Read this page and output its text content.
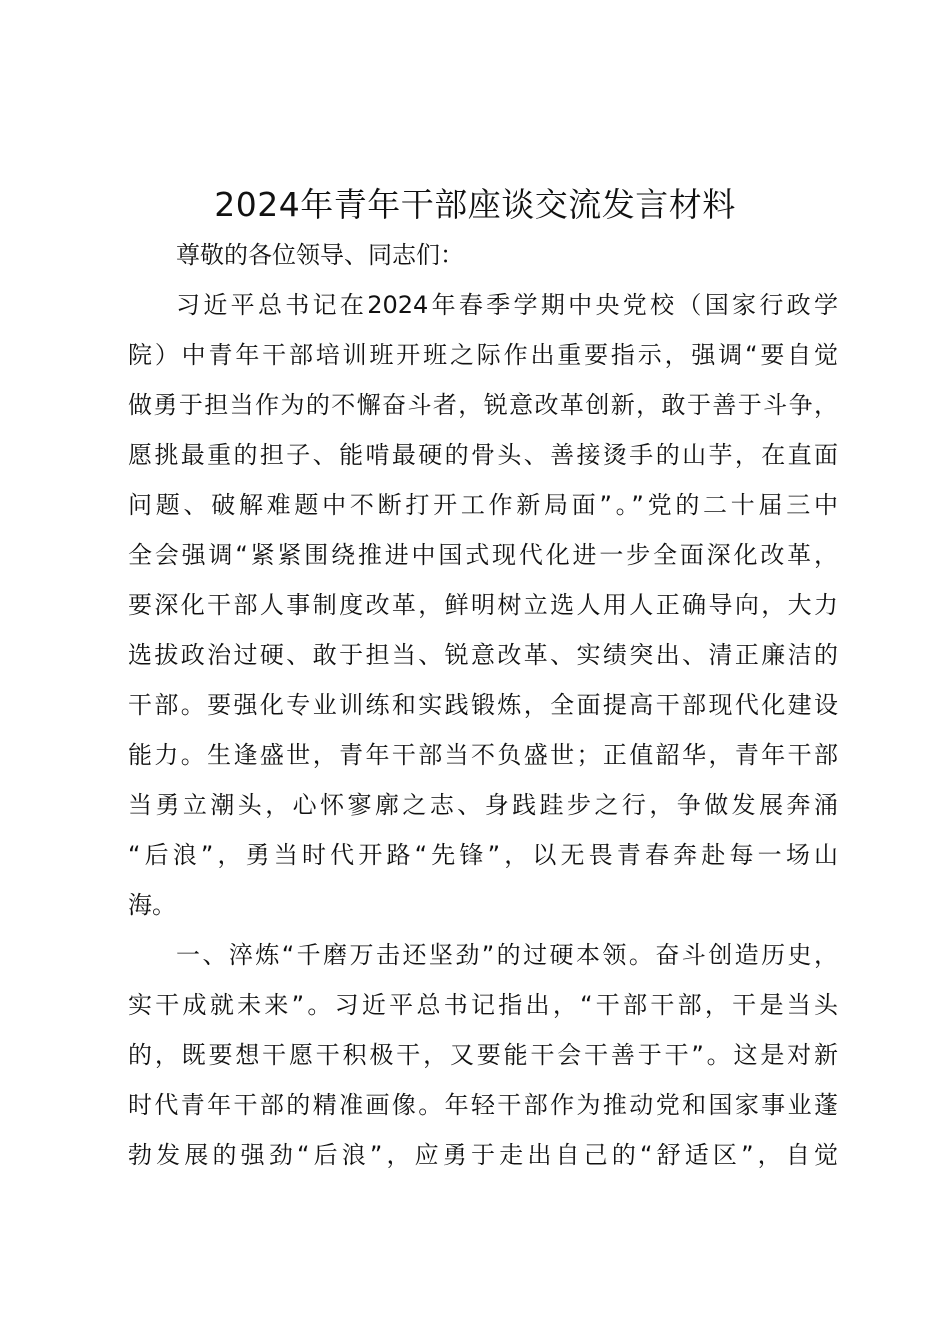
2024年青年干部座谈交流发言材料
尊敬的各位领导、同志们：
习近平总书记在2024年春季学期中央党校（国家行政学
院）中青年干部培训班开班之际作出重要指示，强调“要自觉
做勇于担当作为的不懈奋斗者，锐意改革创新，敢于善于斗争，
愿挑最重的担子、能啃最硬的骨头、善接烫手的山芋，在直面
问题、破解难题中不断打开工作新局面”。”党的二十届三中
全会强调“紧紧围绕推进中国式现代化进一步全面深化改革，
要深化干部人事制度改革，鲜明树立选人用人正确导向，大力
选拔政治过硬、敢于担当、锐意改革、实绩突出、清正廉洁的
干部。要强化专业训练和实践锻炼，全面提高干部现代化建设
能力。生逢盛世，青年干部当不负盛世；正值韶华，青年干部
当勇立潮头，心怀寥廓之志、身践跬步之行，争做发展奔涌
“后浪”，勇当时代开路“先锋”，以无畏青春奔赴每一场山
海。
一、淬炼“千磨万击还坚劲”的过硬本领。奋斗创造历史，
实干成就未来”。习近平总书记指出，“干部干部，干是当头
的，既要想干愿干积极干，又要能干会干善于干”。这是对新
时代青年干部的精准画像。年轻干部作为推动党和国家事业蓬
勃发展的强劲“后浪”，应勇于走出自己的“舒适区”，自觉
